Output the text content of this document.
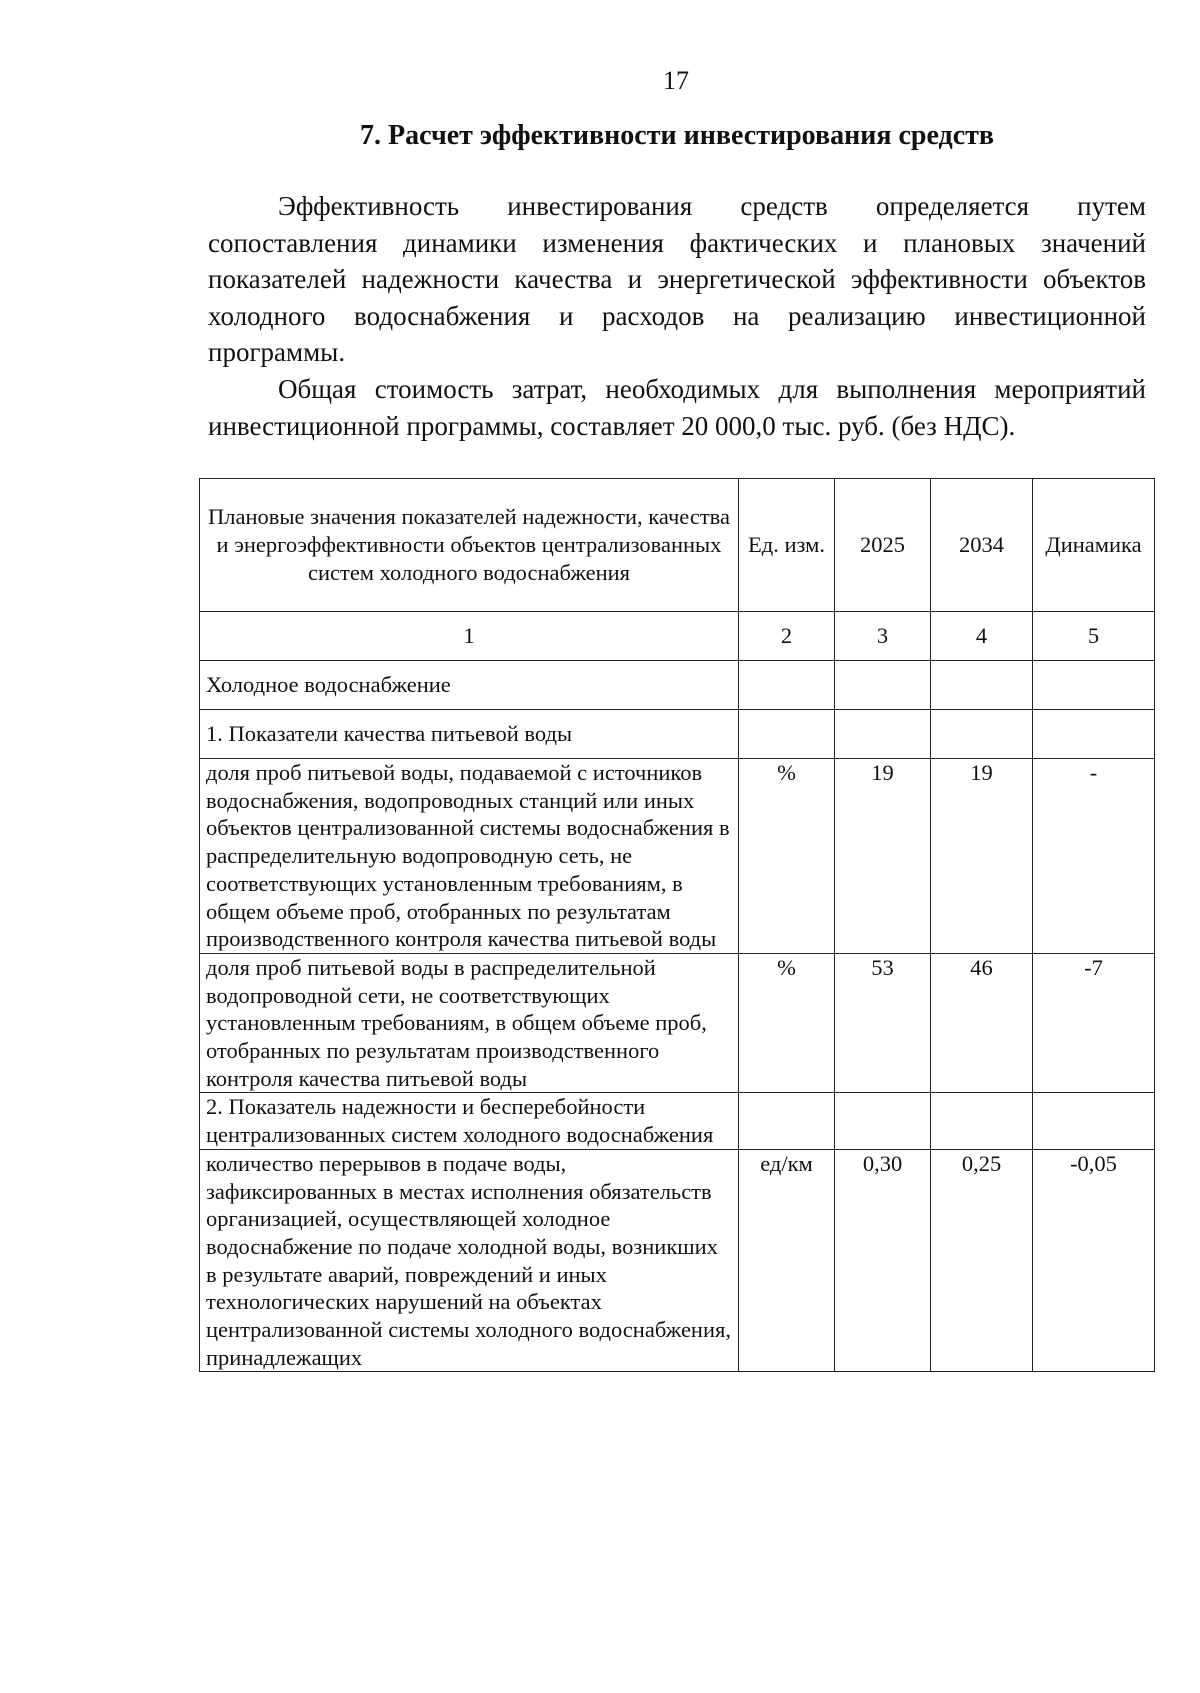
17
7. Расчет эффективности инвестирования средств
Эффективность инвестирования средств определяется путем сопоставления динамики изменения фактических и плановых значений показателей надежности качества и энергетической эффективности объектов холодного водоснабжения и расходов на реализацию инвестиционной программы.
Общая стоимость затрат, необходимых для выполнения мероприятий инвестиционной программы, составляет 20 000,0 тыс. руб. (без НДС).
Плановые значения показателей надежности, качества и энергоэффективности объектов централизованных систем холодного водоснабжения	Ед. изм.	2025	2034	Динамика
1	2	3	4	5
Холодное водоснабжение				
1. Показатели качества питьевой воды				
доля проб питьевой воды, подаваемой с источников водоснабжения, водопроводных станций или иных объектов централизованной системы водоснабжения в распределительную водопроводную сеть, не соответствующих установленным требованиям, в общем объеме проб, отобранных по результатам производственного контроля качества питьевой воды	%	19	19	-
доля проб питьевой воды в распределительной водопроводной сети, не соответствующих установленным требованиям, в общем объеме проб, отобранных по результатам производственного контроля качества питьевой воды	%	53	46	-7
2. Показатель надежности и бесперебойности централизованных систем холодного водоснабжения				
количество перерывов в подаче воды, зафиксированных в местах исполнения обязательств организацией, осуществляющей холодное водоснабжение по подаче холодной воды, возникших в результате аварий, повреждений и иных технологических нарушений на объектах централизованной системы холодного водоснабжения, принадлежащих	ед/км	0,30	0,25	-0,05
